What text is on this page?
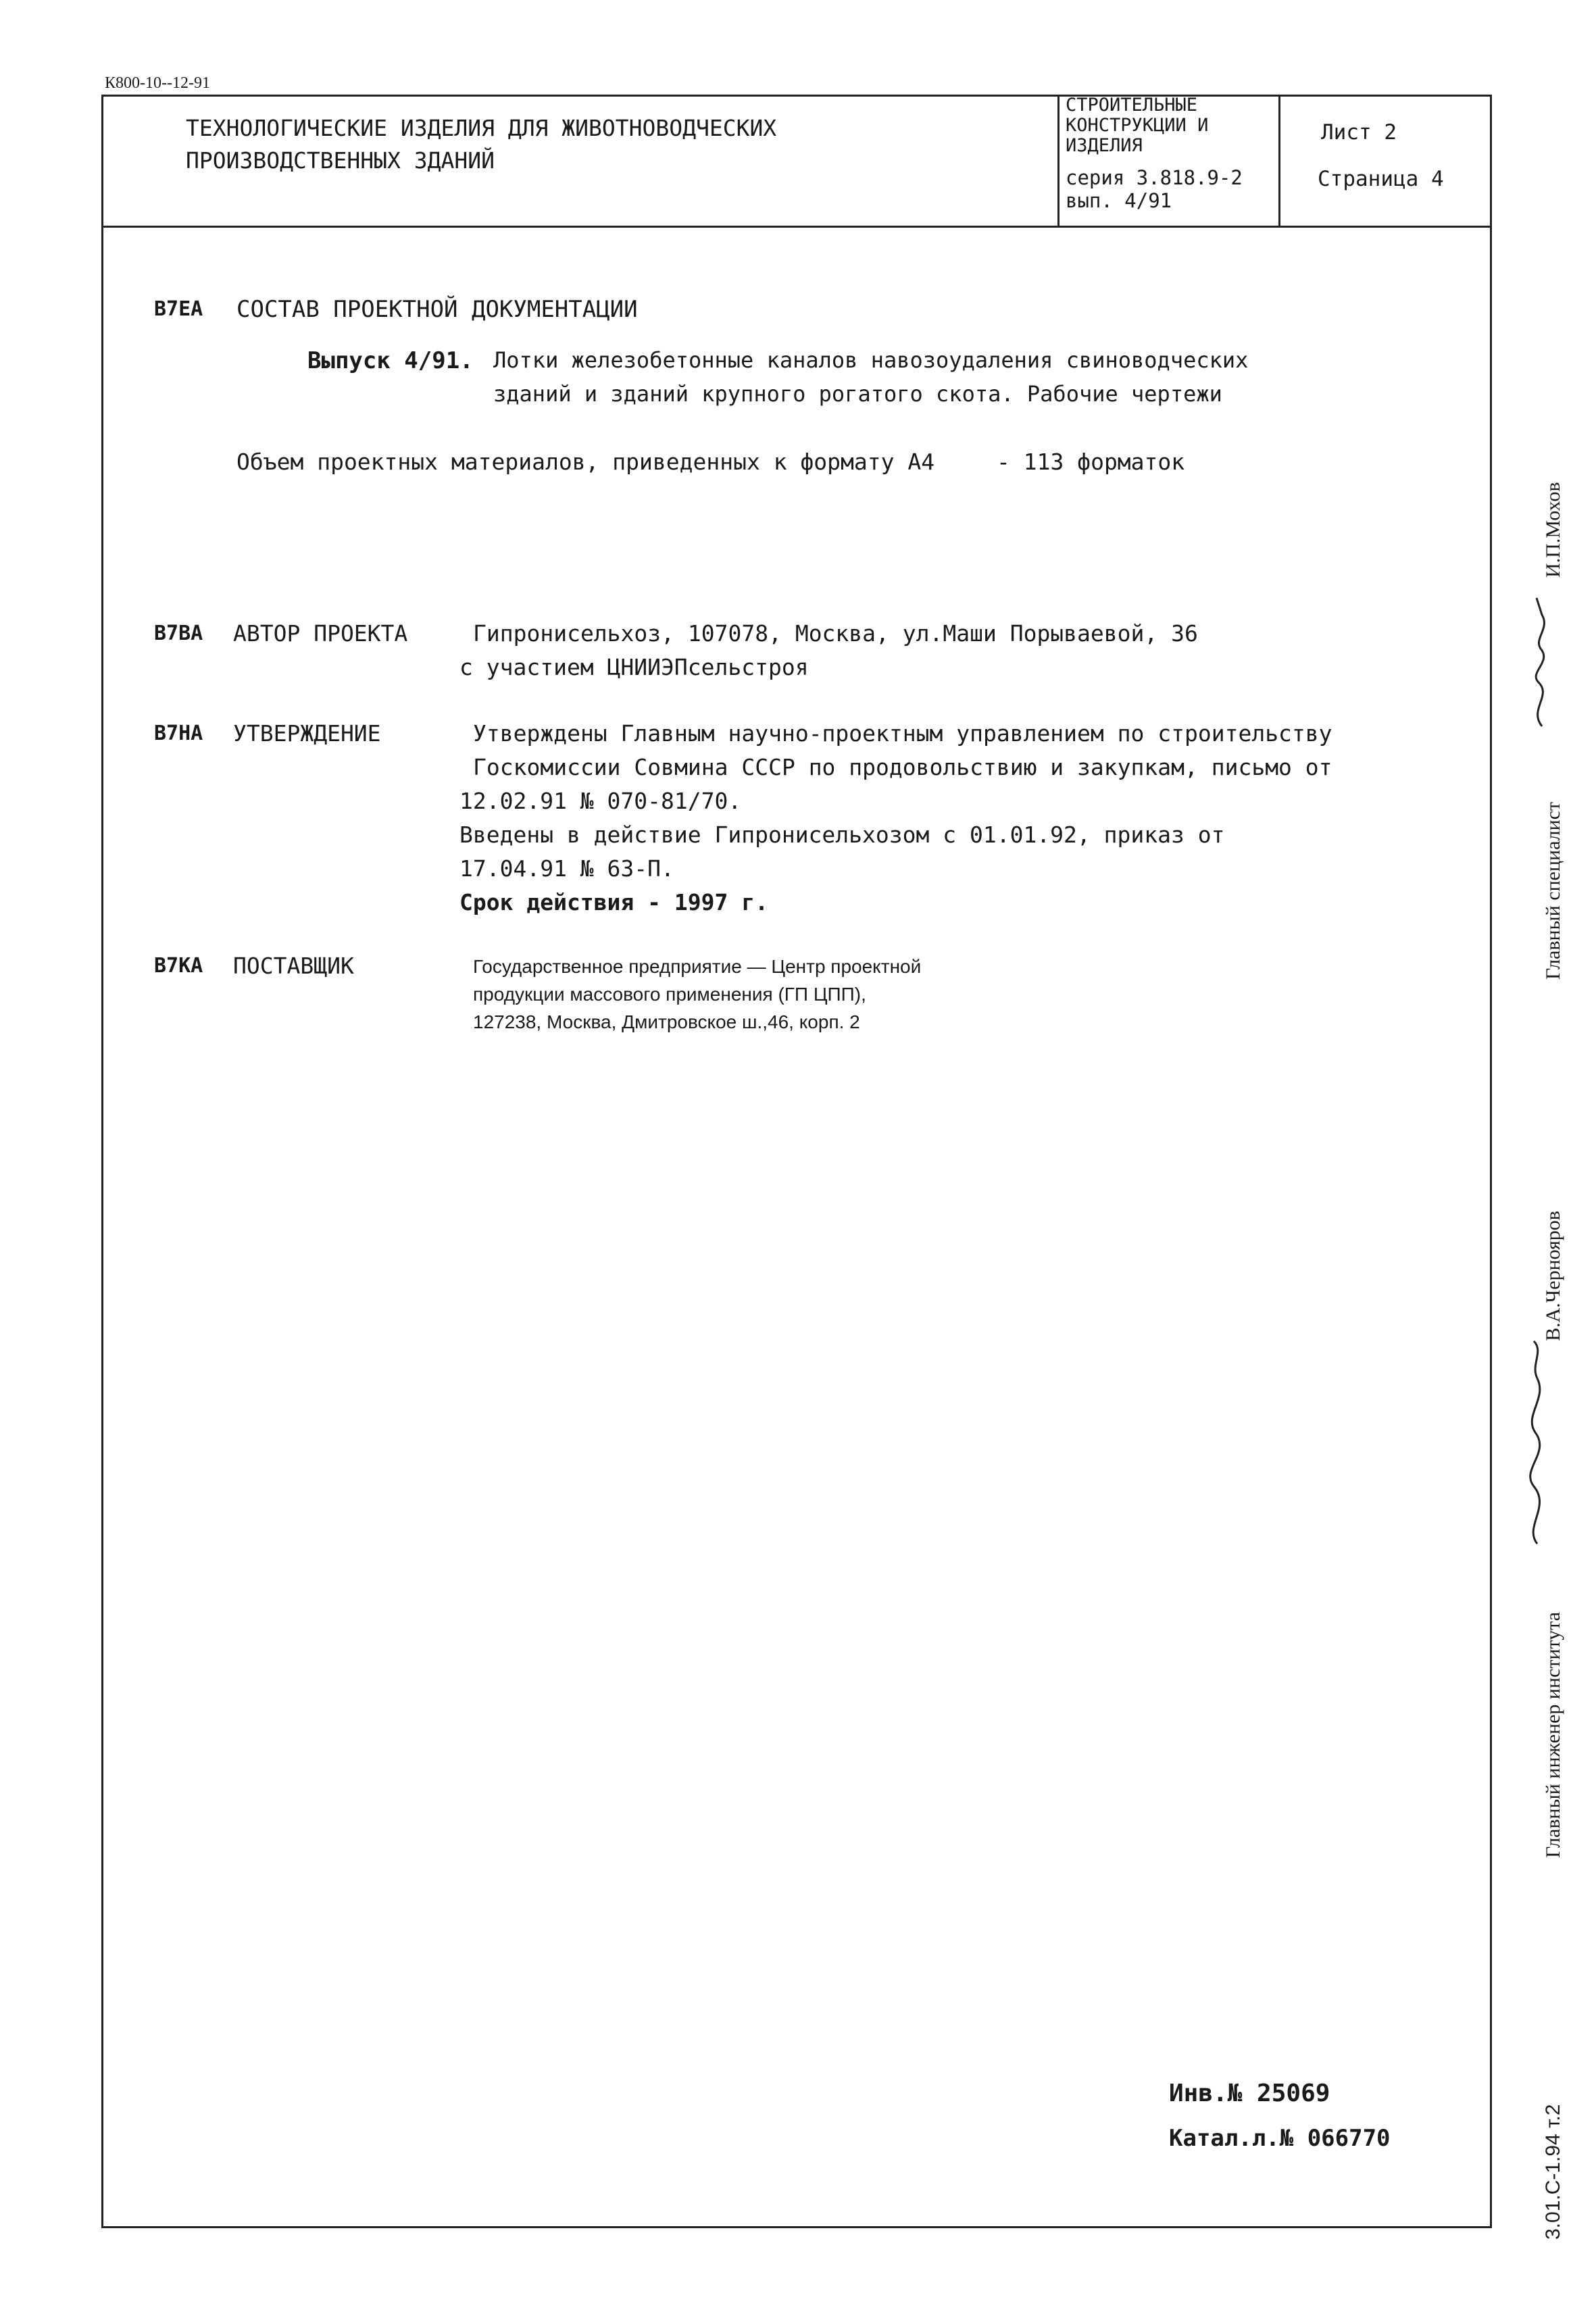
К800-10--12-91
ТЕХНОЛОГИЧЕСКИЕ ИЗДЕЛИЯ ДЛЯ ЖИВОТНОВОДЧЕСКИХ
ПРОИЗВОДСТВЕННЫХ ЗДАНИЙ
СТРОИТЕЛЬНЫЕ
КОНСТРУКЦИИ И
ИЗДЕЛИЯ
серия 3.818.9-2
вып. 4/91
Лист 2
Страница 4
В7ЕА СОСТАВ ПРОЕКТНОЙ ДОКУМЕНТАЦИИ
Выпуск 4/91. Лотки железобетонные каналов навозоудаления свиноводческих
зданий и зданий крупного рогатого скота. Рабочие чертежи
Объем проектных материалов, приведенных к формату А4	- 113 форматок
В7ВА АВТОР ПРОЕКТА	Гипронисельхоз, 107078, Москва, ул.Маши Порываевой, 36
с участием ЦНИИЭПсельстроя
В7НА УТВЕРЖДЕНИЕ	Утверждены Главным научно-проектным управлением по строительству
Госкомиссии Совмина СССР по продовольствию и закупкам, письмо от
12.02.91 № 070-81/70.
Введены в действие Гипронисельхозом с 01.01.92, приказ от
17.04.91 № 63-П.
Срок действия - 1997 г.
В7КА ПОСТАВЩИК	Государственное предприятие — Центр проектной
продукции массового применения (ГП ЦПП),
127238, Москва, Дмитровское ш.,46, корп. 2
Инв.№ 25069
Катал.л.№ 066770
Главный специалист
И.П.Мохов
Главный инженер института
В.А.Чернояров
3.01.С-1.94 т.2
